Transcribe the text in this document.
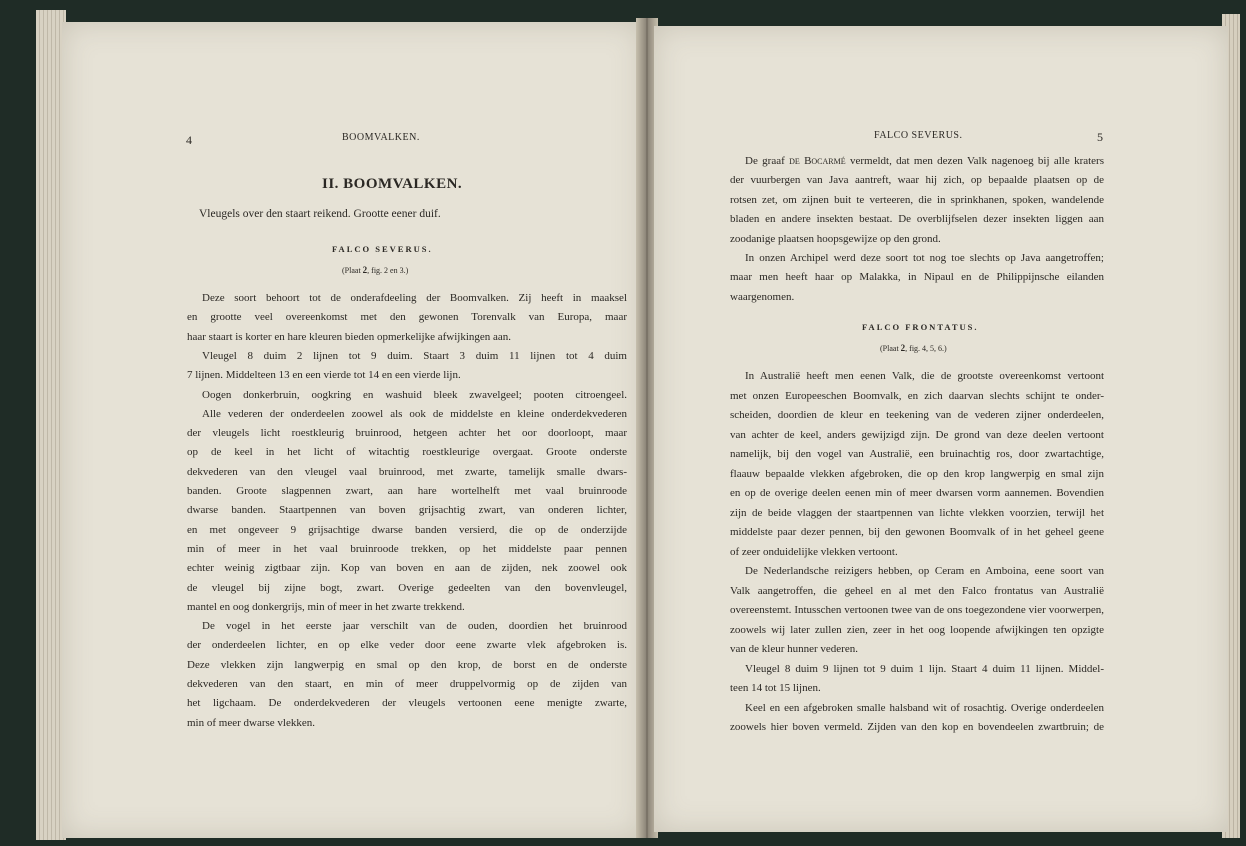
4	BOOMVALKEN.
II. BOOMVALKEN.
Vleugels over den staart reikend. Grootte eener duif.
FALCO SEVERUS.
(Plaat 2, fig. 2 en 3.)
Deze soort behoort tot de onderafdeeling der Boomvalken. Zij heeft in maaksel
en grootte veel overeenkomst met den gewonen Torenvalk van Europa, maar
haar staart is korter en hare kleuren bieden opmerkelijke afwijkingen aan.
Vleugel 8 duim 2 lijnen tot 9 duim. Staart 3 duim 11 lijnen tot 4 duim
7 lijnen. Middelteen 13 en een vierde tot 14 en een vierde lijn.
Oogen donkerbruin, oogkring en washuid bleek zwavelgeel; pooten citroengeel.
Alle vederen der onderdeelen zoowel als ook de middelste en kleine onderdekvederen
der vleugels licht roestkleurig bruinrood, hetgeen achter het oor doorloopt, maar
op de keel in het licht of witachtig roestkleurige overgaat. Groote onderste
dekvederen van den vleugel vaal bruinrood, met zwarte, tamelijk smalle dwars-
banden. Groote slagpennen zwart, aan hare wortelhelft met vaal bruinroode
dwarse banden. Staartpennen van boven grijsachtig zwart, van onderen lichter,
en met ongeveer 9 grijsachtige dwarse banden versierd, die op de onderzijde
min of meer in het vaal bruinroode trekken, op het middelste paar pennen
echter weinig zigtbaar zijn. Kop van boven en aan de zijden, nek zoowel ook
de vleugel bij zijne bogt, zwart. Overige gedeelten van den bovenvleugel,
mantel en oog donkergrijs, min of meer in het zwarte trekkend.
De vogel in het eerste jaar verschilt van de ouden, doordien het bruinrood
der onderdeelen lichter, en op elke veder door eene zwarte vlek afgebroken is.
Deze vlekken zijn langwerpig en smal op den krop, de borst en de onderste
dekvederen van den staart, en min of meer druppelvormig op de zijden van
het ligchaam. De onderdekvederen der vleugels vertoonen eene menigte zwarte,
min of meer dwarse vlekken.
FALCO SEVERUS.	5
De graaf de Bocarmé vermeldt, dat men dezen Valk nagenoeg bij alle kraters
der vuurbergen van Java aantreft, waar hij zich, op bepaalde plaatsen op de
rotsen zet, om zijnen buit te verteeren, die in sprinkhanen, spoken, wandelende
bladen en andere insekten bestaat. De overblijfselen dezer insekten liggen aan
zoodanige plaatsen hoopsgewijze op den grond.
In onzen Archipel werd deze soort tot nog toe slechts op Java aangetroffen;
maar men heeft haar op Malakka, in Nipaul en de Philippijnsche eilanden
waargenomen.
FALCO FRONTATUS.
(Plaat 2, fig. 4, 5, 6.)
In Australië heeft men eenen Valk, die de grootste overeenkomst vertoont
met onzen Europeeschen Boomvalk, en zich daarvan slechts schijnt te onder-
scheiden, doordien de kleur en teekening van de vederen zijner onderdeelen,
van achter de keel, anders gewijzigd zijn. De grond van deze deelen vertoont
namelijk, bij den vogel van Australië, een bruinachtig ros, door zwartachtige,
flaauw bepaalde vlekken afgebroken, die op den krop langwerpig en smal zijn
en op de overige deelen eenen min of meer dwarsen vorm aannemen. Bovendien
zijn de beide vlaggen der staartpennen van lichte vlekken voorzien, terwijl het
middelste paar dezer pennen, bij den gewonen Boomvalk of in het geheel geene
of zeer onduidelijke vlekken vertoont.
De Nederlandsche reizigers hebben, op Ceram en Amboina, eene soort van
Valk aangetroffen, die geheel en al met den Falco frontatus van Australië
overeenstemt. Intusschen vertoonen twee van de ons toegezondene vier voorwerpen,
zoowels wij later zullen zien, zeer in het oog loopende afwijkingen ten opzigte
van de kleur hunner vederen.
Vleugel 8 duim 9 lijnen tot 9 duim 1 lijn. Staart 4 duim 11 lijnen. Middel-
teen 14 tot 15 lijnen.
Keel en een afgebroken smalle halsband wit of rosachtig. Overige onderdeelen
zoowels hier boven vermeld. Zijden van den kop en bovendeelen zwartbruin; de
